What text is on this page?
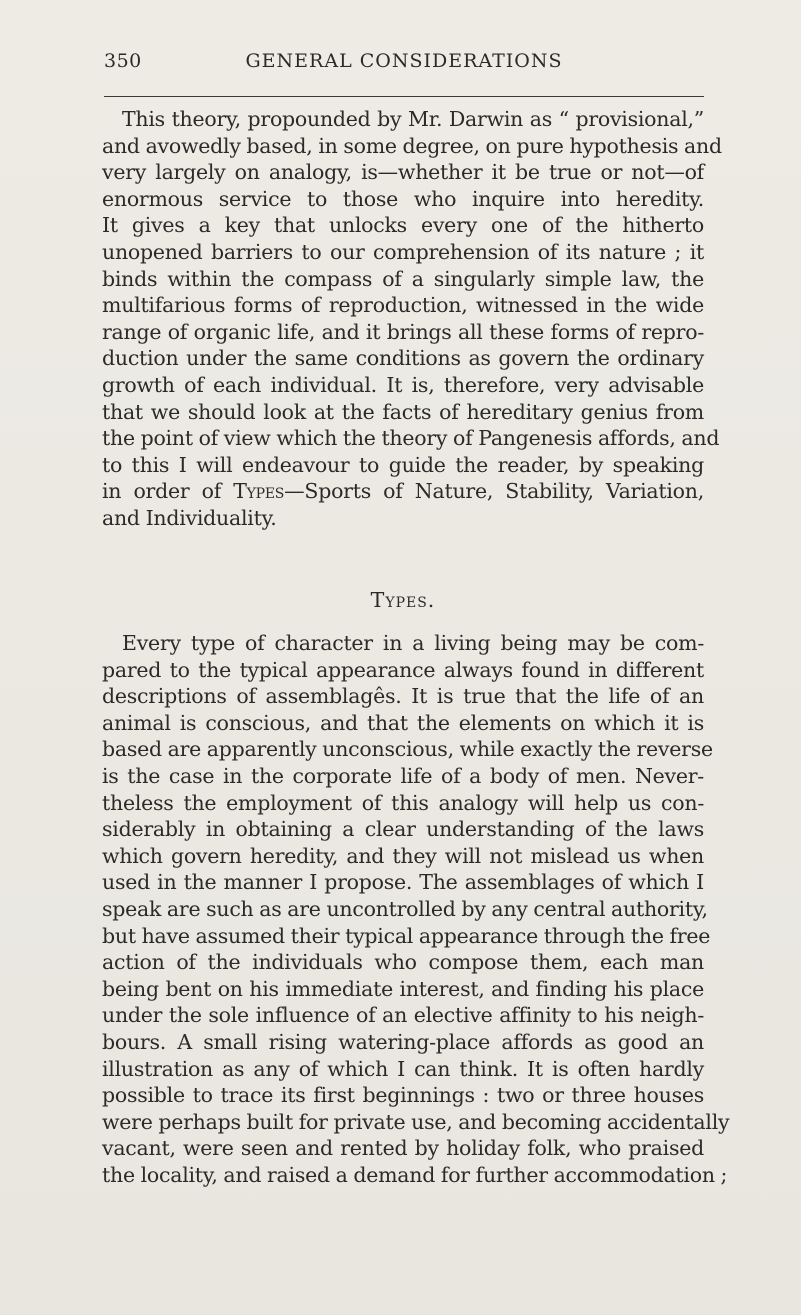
350	GENERAL CONSIDERATIONS
This theory, propounded by Mr. Darwin as “ provisional,”
and avowedly based, in some degree, on pure hypothesis and
very largely on analogy, is—whether it be true or not—of
enormous service to those who inquire into heredity.
It gives a key that unlocks every one of the hitherto
unopened barriers to our comprehension of its nature ; it
binds within the compass of a singularly simple law, the
multifarious forms of reproduction, witnessed in the wide
range of organic life, and it brings all these forms of repro-
duction under the same conditions as govern the ordinary
growth of each individual. It is, therefore, very advisable
that we should look at the facts of hereditary genius from
the point of view which the theory of Pangenesis affords, and
to this I will endeavour to guide the reader, by speaking
in order of Types—Sports of Nature, Stability, Variation,
and Individuality.
Types.
Every type of character in a living being may be com-
pared to the typical appearance always found in different
descriptions of assemblagês. It is true that the life of an
animal is conscious, and that the elements on which it is
based are apparently unconscious, while exactly the reverse
is the case in the corporate life of a body of men. Never-
theless the employment of this analogy will help us con-
siderably in obtaining a clear understanding of the laws
which govern heredity, and they will not mislead us when
used in the manner I propose. The assemblages of which I
speak are such as are uncontrolled by any central authority,
but have assumed their typical appearance through the free
action of the individuals who compose them, each man
being bent on his immediate interest, and finding his place
under the sole influence of an elective affinity to his neigh-
bours. A small rising watering-place affords as good an
illustration as any of which I can think. It is often hardly
possible to trace its first beginnings : two or three houses
were perhaps built for private use, and becoming accidentally
vacant, were seen and rented by holiday folk, who praised
the locality, and raised a demand for further accommodation ;
